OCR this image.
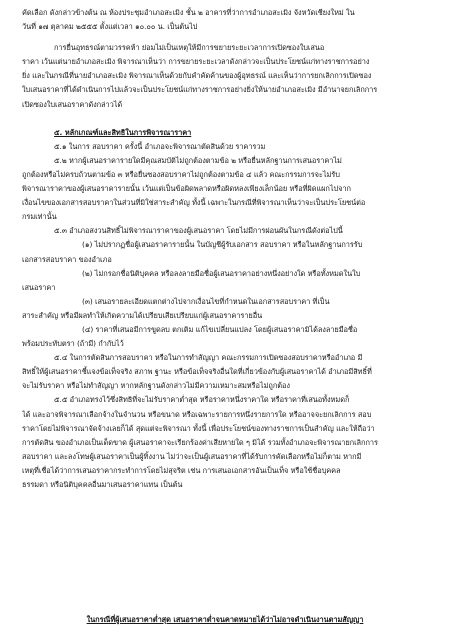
คัดเลือก ดังกล่าวข้างต้น ณ ห้องประชุมอำเภอสะเมิง ชั้น ๒ อาคารที่ว่าการอำเภอสะเมิง จังหวัดเชียงใหม่ ใน
วันที่ ๑๗ ตุลาคม ๒๕๕๕ ตั้งแต่เวลา ๑๐.๐๐ น. เป็นต้นไป
การยื่นอุทธรณ์ตามวรรคห้า ย่อมไม่เป็นเหตุให้มีการขยายระยะเวลาการเปิดซองใบเสนอ
ราคา เว้นแต่นายอำเภอสะเมิง พิจารณาเห็นว่า การขยายระยะเวลาดังกล่าวจะเป็นประโยชน์แก่ทางราชการอย่าง
ยิ่ง และในกรณีที่นายอำเภอสะเมิง พิจารณาเห็นด้วยกับคำคัดค้านของผู้อุทธรณ์ และเห็นว่าการยกเลิกการเปิดซอง
ใบเสนอราคาที่ได้ดำเนินการไปแล้วจะเป็นประโยชน์แก่ทางราชการอย่างยิ่งให้นายอำเภอสะเมิง มีอำนาจยกเลิกการ
เปิดซองใบเสนอราคาดังกล่าวได้
๕. หลักเกณฑ์และสิทธิในการพิจารณาราคา
๕.๑ ในการ สอบราคา ครั้งนี้ อำเภอจะพิจารณาตัดสินด้วย ราคารวม
๕.๒ หากผู้เสนอราคารายใดมีคุณสมบัติไม่ถูกต้องตามข้อ ๒ หรือยื่นหลักฐานการเสนอราคาไม่
ถูกต้องหรือไม่ครบถ้วนตามข้อ ๓ หรือยื่นซองสอบราคาไม่ถูกต้องตามข้อ ๔ แล้ว คณะกรรมการจะไม่รับ
พิจารณาราคาของผู้เสนอราคารายนั้น เว้นแต่เป็นข้อผิดพลาดหรือผิดหลงเพียงเล็กน้อย หรือที่ผิดแผกไปจาก
เงื่อนไขของเอกสารสอบราคาในส่วนที่มิใช่สาระสำคัญ ทั้งนี้ เฉพาะในกรณีที่พิจารณาเห็นว่าจะเป็นประโยชน์ต่อ
กรมเท่านั้น
๕.๓ อำเภอสงวนสิทธิ์ไม่พิจารณาราคาของผู้เสนอราคา โดยไม่มีการผ่อนผันในกรณีดังต่อไปนี้
(๑) ไม่ปรากฏชื่อผู้เสนอราคารายนั้น ในบัญชีผู้รับเอกสาร สอบราคา หรือในหลักฐานการรับ
เอกสารสอบราคา ของอำเภอ
(๒) ไม่กรอกชื่อนิติบุคคล หรือลงลายมือชื่อผู้เสนอราคาอย่างหนึ่งอย่างใด หรือทั้งหมดในใบ
เสนอราคา
(๓) เสนอรายละเอียดแตกต่างไปจากเงื่อนไขที่กำหนดในเอกสารสอบราคา ที่เป็น
สาระสำคัญ หรือมีผลทำให้เกิดความได้เปรียบเสียเปรียบแก่ผู้เสนอราคารายอื่น
(๔) ราคาที่เสนอมีการขูดลบ ตกเติม แก้ไขเปลี่ยนแปลง โดยผู้เสนอราคามิได้ลงลายมือชื่อ
พร้อมประทับตรา (ถ้ามี) กำกับไว้
๕.๔ ในการตัดสินการสอบราคา หรือในการทำสัญญา คณะกรรมการเปิดซองสอบราคาหรืออำเภอ มี
สิทธิ์ให้ผู้เสนอราคาชี้แจงข้อเท็จจริง สภาพ ฐานะ หรือข้อเท็จจริงอื่นใดที่เกี่ยวข้องกับผู้เสนอราคาได้ อำเภอมีสิทธิ์ที่
จะไม่รับราคา หรือไม่ทำสัญญา หากหลักฐานดังกล่าวไม่มีความเหมาะสมหรือไม่ถูกต้อง
๕.๕ อำเภอทรงไว้ซึ่งสิทธิที่จะไม่รับราคาต่ำสุด หรือราคาหนึ่งราคาใด หรือราคาที่เสนอทั้งหมดก็
ได้ และอาจพิจารณาเลือกจ้างในจำนวน หรือขนาด หรือเฉพาะรายการหนึ่งรายการใด หรืออาจจะยกเลิกการ สอบ
ราคาโดยไม่พิจารณาจัดจ้างเลยก็ได้ สุดแต่จะพิจารณา ทั้งนี้ เพื่อประโยชน์ของทางราชการเป็นสำคัญ และให้ถือว่า
การตัดสิน ของอำเภอเป็นเด็ดขาด ผู้เสนอราคาจะเรียกร้องค่าเสียหายใด ๆ มิได้ รวมทั้งอำเภอจะพิจารณายกเลิกการ
สอบราคา และลงโทษผู้เสนอราคาเป็นผู้ทิ้งงาน ไม่ว่าจะเป็นผู้เสนอราคาที่ได้รับการคัดเลือกหรือไม่ก็ตาม หากมี
เหตุที่เชื่อได้ว่าการเสนอราคากระทำการโดยไม่สุจริต เช่น การเสนอเอกสารอันเป็นเท็จ หรือใช้ชื่อบุคคล
ธรรมดา หรือนิติบุคคลอื่นมาเสนอราคาแทน เป็นต้น
ในกรณีที่ผู้เสนอราคาต่ำสุด เสนอราคาต่ำจนคาดหมายได้ว่าไม่อาจดำเนินงานตามสัญญา
